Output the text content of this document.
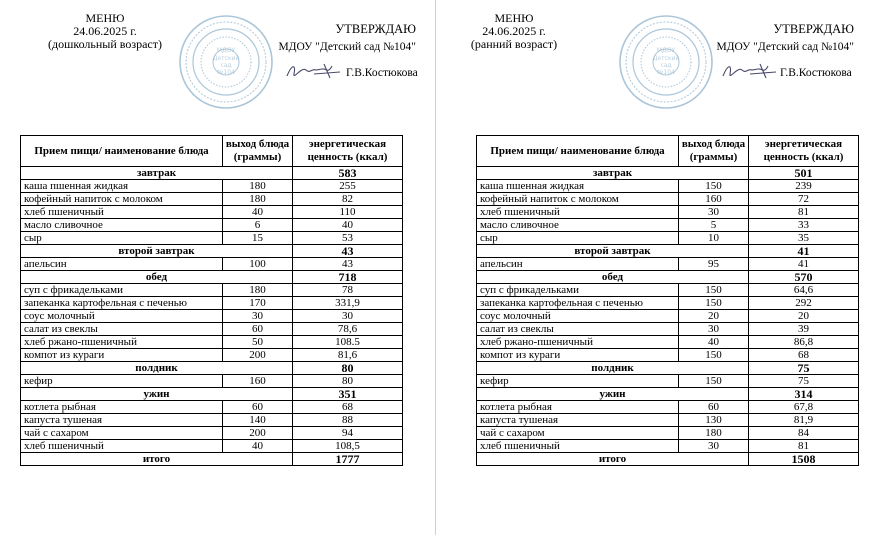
МЕНЮ
24.06.2025 г.
(дошкольный возраст)	МДОУ
Детский
сад
№104
УТВЕРЖДАЮ
МДОУ "Детский сад №104"
Г.В.Костюкова
Прием пищи/ наименование блюда	выход блюда (граммы)	энергетическая ценность (ккал)
завтрак		583
каша пшенная жидкая	180	255
кофейный напиток с молоком	180	82
хлеб пшеничный	40	110
масло сливочное	6	40
сыр	15	53
второй завтрак		43
апельсин	100	43
обед		718
суп с фрикадельками	180	78
запеканка картофельная с печенью	170	331,9
соус молочный	30	30
салат из свеклы	60	78,6
хлеб ржано-пшеничный	50	108.5
компот из кураги	200	81,6
полдник		80
кефир	160	80
ужин		351
котлета рыбная	60	68
капуста тушеная	140	88
чай с сахаром	200	94
хлеб пшеничный	40	108,5
итого		1777
МЕНЮ
24.06.2025 г.
(ранний возраст)	МДОУ
Детский
сад
№104
УТВЕРЖДАЮ
МДОУ "Детский сад №104"
Г.В.Костюкова
Прием пищи/ наименование блюда	выход блюда (граммы)	энергетическая ценность (ккал)
завтрак		501
каша пшенная жидкая	150	239
кофейный напиток с молоком	160	72
хлеб пшеничный	30	81
масло сливочное	5	33
сыр	10	35
второй завтрак		41
апельсин	95	41
обед		570
суп с фрикадельками	150	64,6
запеканка картофельная с печенью	150	292
соус молочный	20	20
салат из свеклы	30	39
хлеб ржано-пшеничный	40	86,8
компот из кураги	150	68
полдник		75
кефир	150	75
ужин		314
котлета рыбная	60	67,8
капуста тушеная	130	81,9
чай с сахаром	180	84
хлеб пшеничный	30	81
итого		1508
